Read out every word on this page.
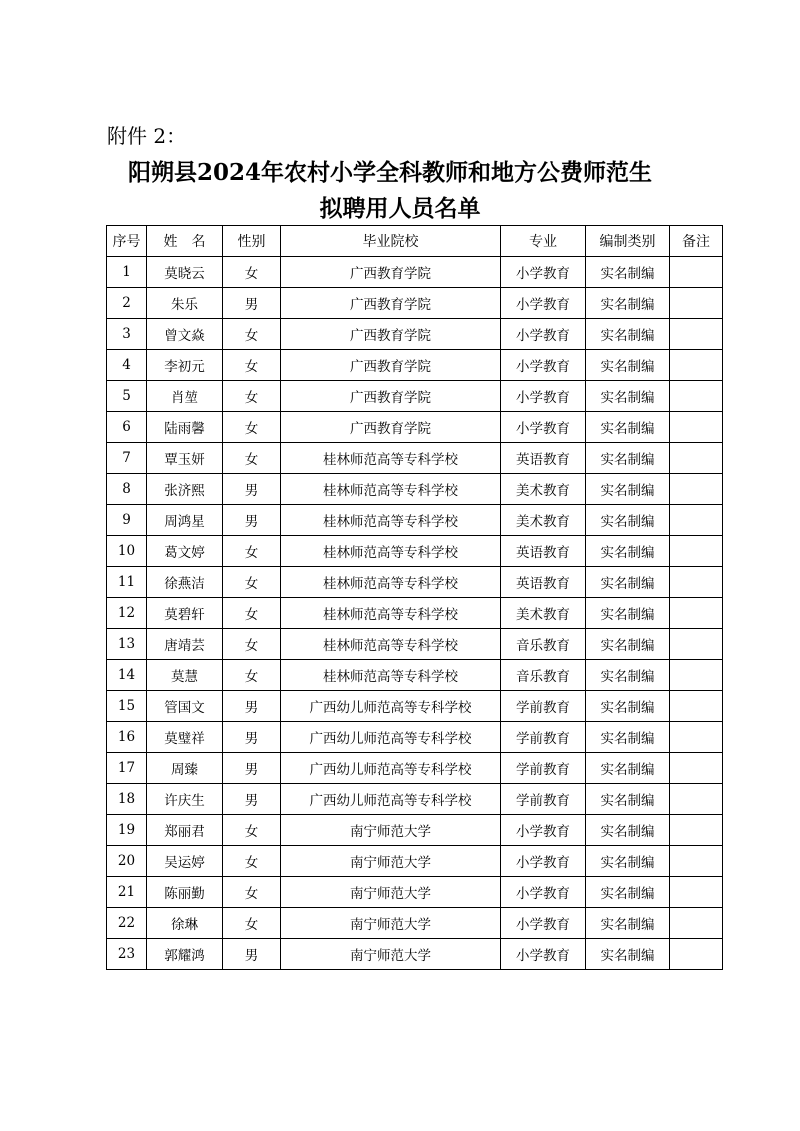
附件 2：

阳朔县2024年农村小学全科教师和地方公费师范生
拟聘用人员名单
序号	姓　名	性别	毕业院校	专业	编制类别	备注
1	莫晓云	女	广西教育学院	小学教育	实名制编	
2	朱乐	男	广西教育学院	小学教育	实名制编	
3	曾文焱	女	广西教育学院	小学教育	实名制编	
4	李初元	女	广西教育学院	小学教育	实名制编	
5	肖堃	女	广西教育学院	小学教育	实名制编	
6	陆雨馨	女	广西教育学院	小学教育	实名制编	
7	覃玉妍	女	桂林师范高等专科学校	英语教育	实名制编	
8	张济熙	男	桂林师范高等专科学校	美术教育	实名制编	
9	周鸿星	男	桂林师范高等专科学校	美术教育	实名制编	
10	葛文婷	女	桂林师范高等专科学校	英语教育	实名制编	
11	徐燕洁	女	桂林师范高等专科学校	英语教育	实名制编	
12	莫碧轩	女	桂林师范高等专科学校	美术教育	实名制编	
13	唐靖芸	女	桂林师范高等专科学校	音乐教育	实名制编	
14	莫慧	女	桂林师范高等专科学校	音乐教育	实名制编	
15	管国文	男	广西幼儿师范高等专科学校	学前教育	实名制编	
16	莫璧祥	男	广西幼儿师范高等专科学校	学前教育	实名制编	
17	周臻	男	广西幼儿师范高等专科学校	学前教育	实名制编	
18	许庆生	男	广西幼儿师范高等专科学校	学前教育	实名制编	
19	郑丽君	女	南宁师范大学	小学教育	实名制编	
20	吴运婷	女	南宁师范大学	小学教育	实名制编	
21	陈丽勤	女	南宁师范大学	小学教育	实名制编	
22	徐琳	女	南宁师范大学	小学教育	实名制编	
23	郭耀鸿	男	南宁师范大学	小学教育	实名制编	
